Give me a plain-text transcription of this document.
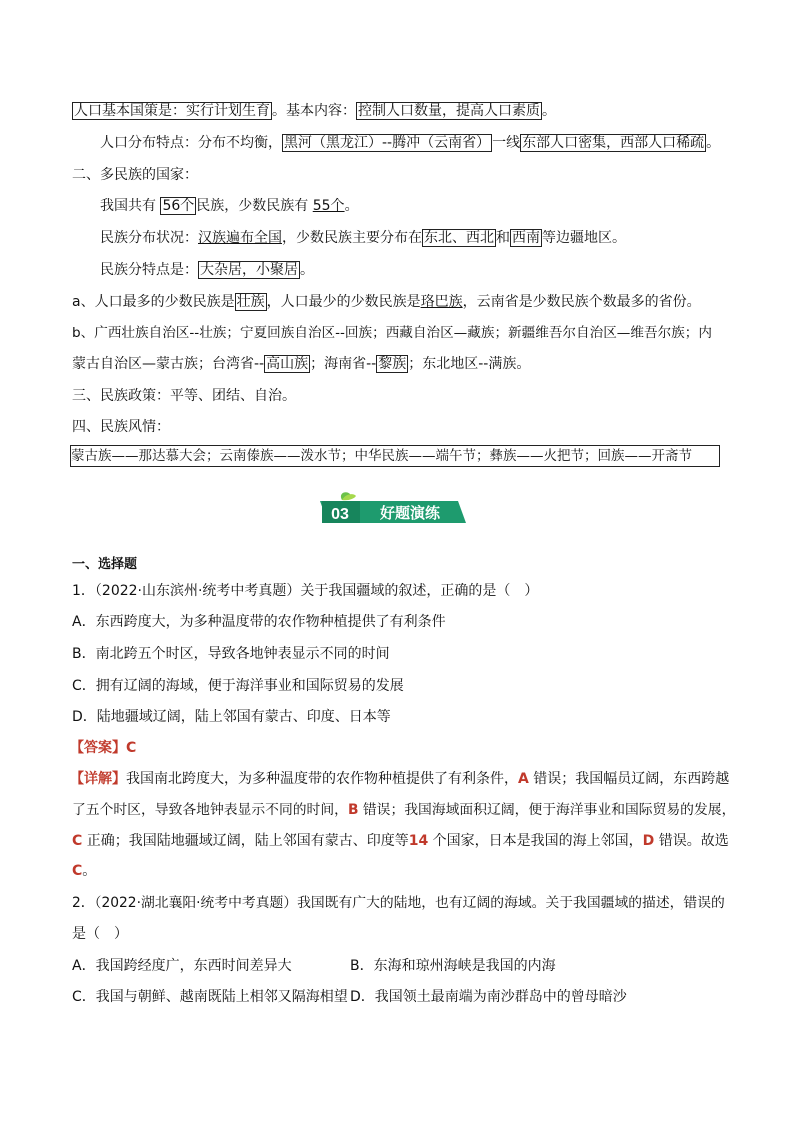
人口基本国策是：实行计划生育 。基本内容： 控制人口数量，提高人口素质 。
人口分布特点：分布不均衡， 黑河（黑龙江）--腾冲（云南省） 一线 东部人口密集，西部人口稀疏 。
二、多民族的国家：
我国共有 56个 民族，少数民族有 55个。
民族分布状况：汉族遍布全国，少数民族主要分布在 东北、西北 和 西南 等边疆地区。
民族分特点是： 大杂居，小聚居 。
a、人口最多的少数民族是 壮族 ，人口最少的少数民族是珞巴族，云南省是少数民族个数最多的省份。
b、广西壮族自治区--壮族；宁夏回族自治区--回族；西藏自治区—藏族；新疆维吾尔自治区—维吾尔族；内
蒙古自治区—蒙古族；台湾省-- 高山族 ；海南省-- 黎族 ；东北地区--满族。
三、民族政策：平等、团结、自治。
四、民族风情：
蒙古族——那达慕大会；云南傣族——泼水节；中华民族——端午节；彝族——火把节；回族——开斋节
03 好题演练
一、选择题
1．（2022·山东滨州·统考中考真题）关于我国疆域的叙述，正确的是（　）
A．东西跨度大，为多种温度带的农作物种植提供了有利条件
B．南北跨五个时区，导致各地钟表显示不同的时间
C．拥有辽阔的海域，便于海洋事业和国际贸易的发展
D．陆地疆域辽阔，陆上邻国有蒙古、印度、日本等
【答案】C
【详解】我国南北跨度大，为多种温度带的农作物种植提供了有利条件，A 错误；我国幅员辽阔，东西跨越
了五个时区，导致各地钟表显示不同的时间，B 错误；我国海域面积辽阔，便于海洋事业和国际贸易的发展，
C 正确；我国陆地疆域辽阔，陆上邻国有蒙古、印度等14 个国家，日本是我国的海上邻国，D 错误。故选
C。
2．（2022·湖北襄阳·统考中考真题）我国既有广大的陆地，也有辽阔的海域。关于我国疆域的描述，错误的
是（　）
A．我国跨经度广，东西时间差异大	B．东海和琼州海峡是我国的内海
C．我国与朝鲜、越南既陆上相邻又隔海相望 D．我国领土最南端为南沙群岛中的曾母暗沙
